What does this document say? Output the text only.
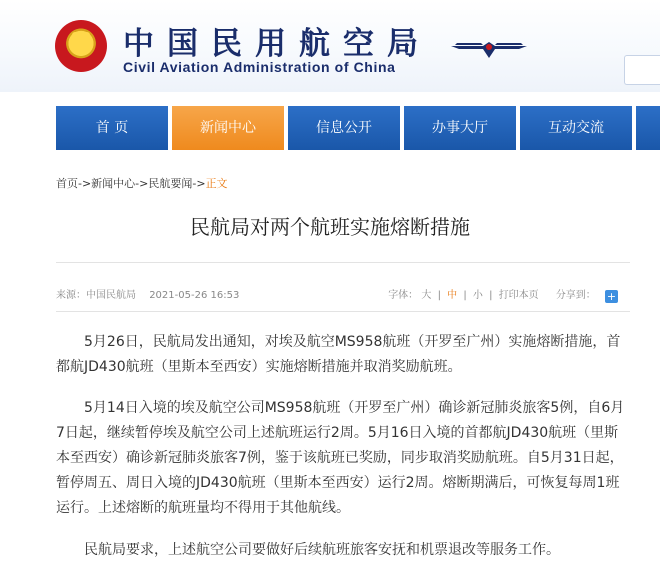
中国民用航空局
Civil Aviation Administration of China
首 页	新闻中心	信息公开	办事大厅	互动交流
首页->新闻中心->民航要闻->正文
民航局对两个航班实施熔断措施
来源：中国民航局 2021-05-26 16:53	字体： 大 | 中 | 小 | 打印本页 分享到： +
5月26日，民航局发出通知，对埃及航空MS958航班（开罗至广州）实施熔断措施，首都航JD430航班（里斯本至西安）实施熔断措施并取消奖励航班。
5月14日入境的埃及航空公司MS958航班（开罗至广州）确诊新冠肺炎旅客5例，自6月7日起，继续暂停埃及航空公司上述航班运行2周。5月16日入境的首都航JD430航班（里斯本至西安）确诊新冠肺炎旅客7例，鉴于该航班已奖励，同步取消奖励航班。自5月31日起，暂停周五、周日入境的JD430航班（里斯本至西安）运行2周。熔断期满后，可恢复每周1班运行。上述熔断的航班量均不得用于其他航线。
民航局要求，上述航空公司要做好后续航班旅客安抚和机票退改等服务工作。
